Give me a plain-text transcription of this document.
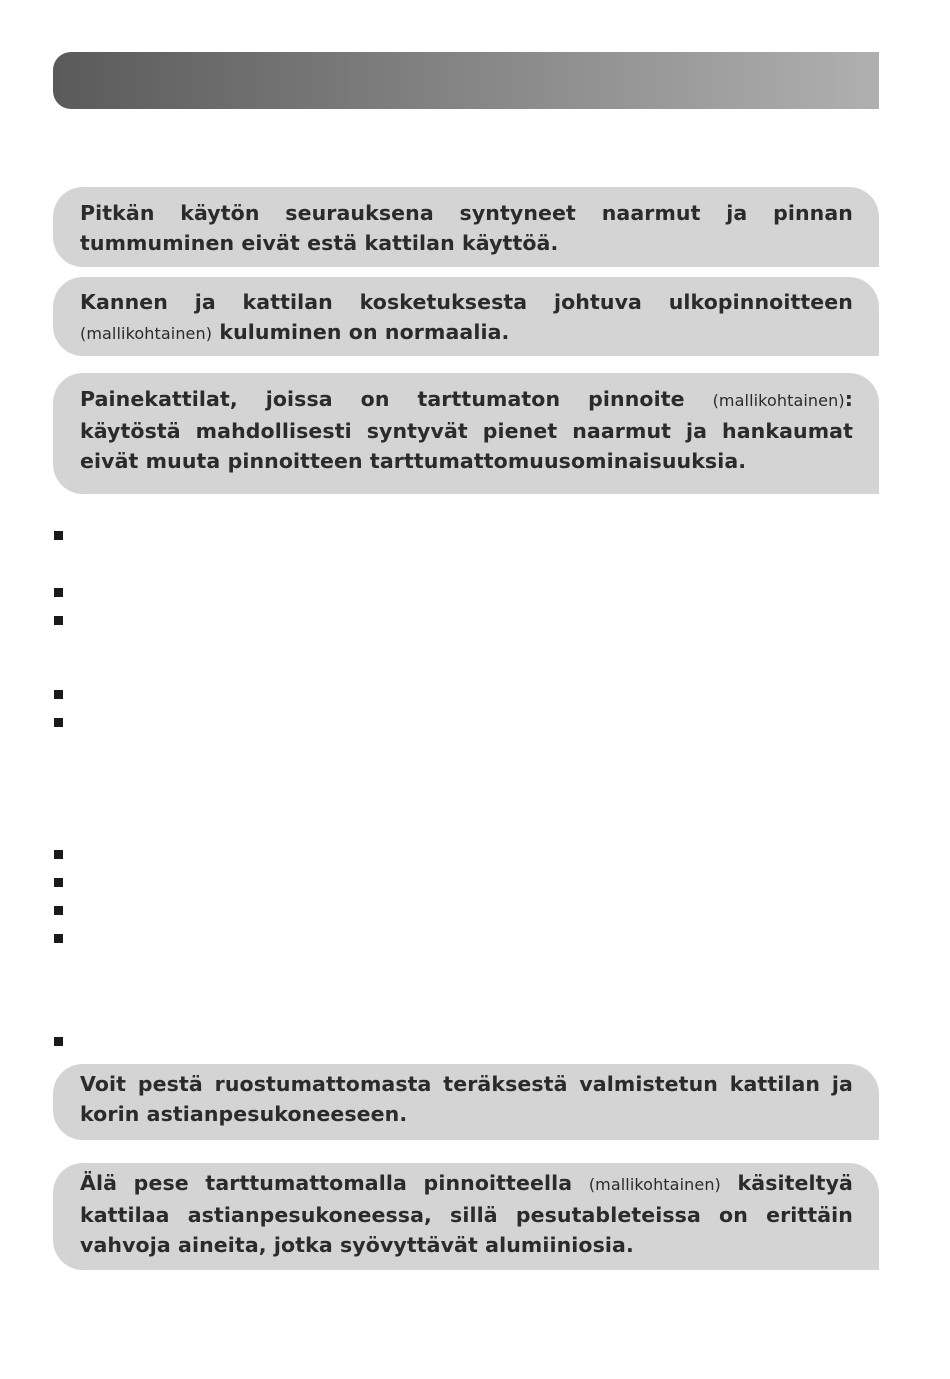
Pitkän käytön seurauksena syntyneet naarmut ja pinnan tummuminen eivät estä kattilan käyttöä.

Kannen ja kattilan kosketuksesta johtuva ulkopinnoitteen (mallikohtainen) kuluminen on normaalia.

Painekattilat, joissa on tarttumaton pinnoite (mallikohtainen): käytöstä mahdollisesti syntyvät pienet naarmut ja hankaumat eivät muuta pinnoitteen tarttumattomuusominaisuuksia.

Voit pestä ruostumattomasta teräksestä valmistetun kattilan ja korin astianpesukoneeseen.

Älä pese tarttumattomalla pinnoitteella (mallikohtainen) käsiteltyä kattilaa astianpesukoneessa, sillä pesutableteissa on erittäin vahvoja aineita, jotka syövyttävät alumiiniosia.
